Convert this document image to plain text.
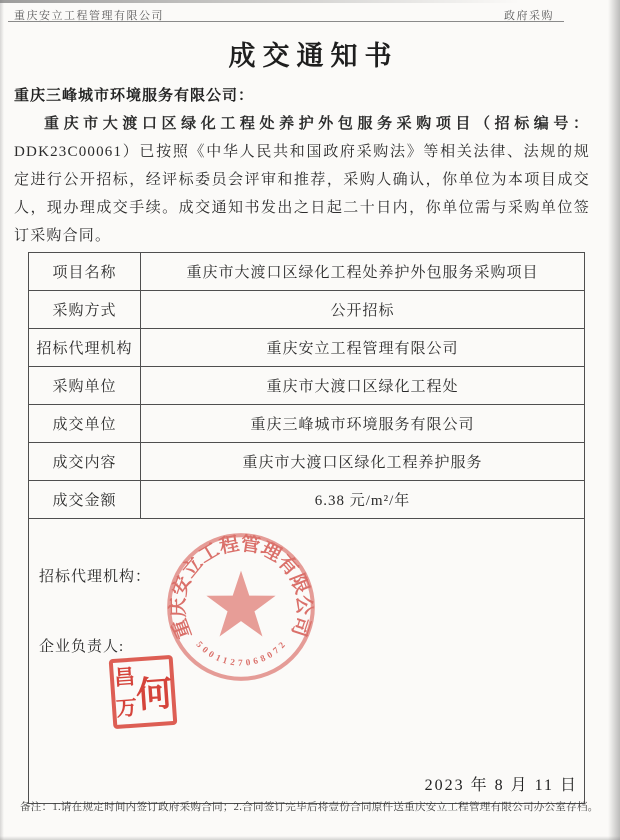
重庆安立工程管理有限公司	政府采购
成交通知书
重庆三峰城市环境服务有限公司：
重庆市大渡口区绿化工程处养护外包服务采购项目（招标编号：
DDK23C00061）已按照《中华人民共和国政府采购法》等相关法律、法规的规定进行公开招标，经评标委员会评审和推荐，采购人确认，你单位为本项目成交人，现办理成交手续。成交通知书发出之日起二十日内，你单位需与采购单位签订采购合同。
项目名称	重庆市大渡口区绿化工程处养护外包服务采购项目
采购方式	公开招标
招标代理机构	重庆安立工程管理有限公司
采购单位	重庆市大渡口区绿化工程处
成交单位	重庆三峰城市环境服务有限公司
成交内容	重庆市大渡口区绿化工程养护服务
成交金额	6.38 元/m²/年

招标代理机构：
企业负责人:
重庆安立工程管理有限公司
5001127068072
昌
万
何
2023 年 8 月 11 日
备注：1.请在规定时间内签订政府采购合同；2.合同签订完毕后将壹份合同原件送重庆安立工程管理有限公司办公室存档。
